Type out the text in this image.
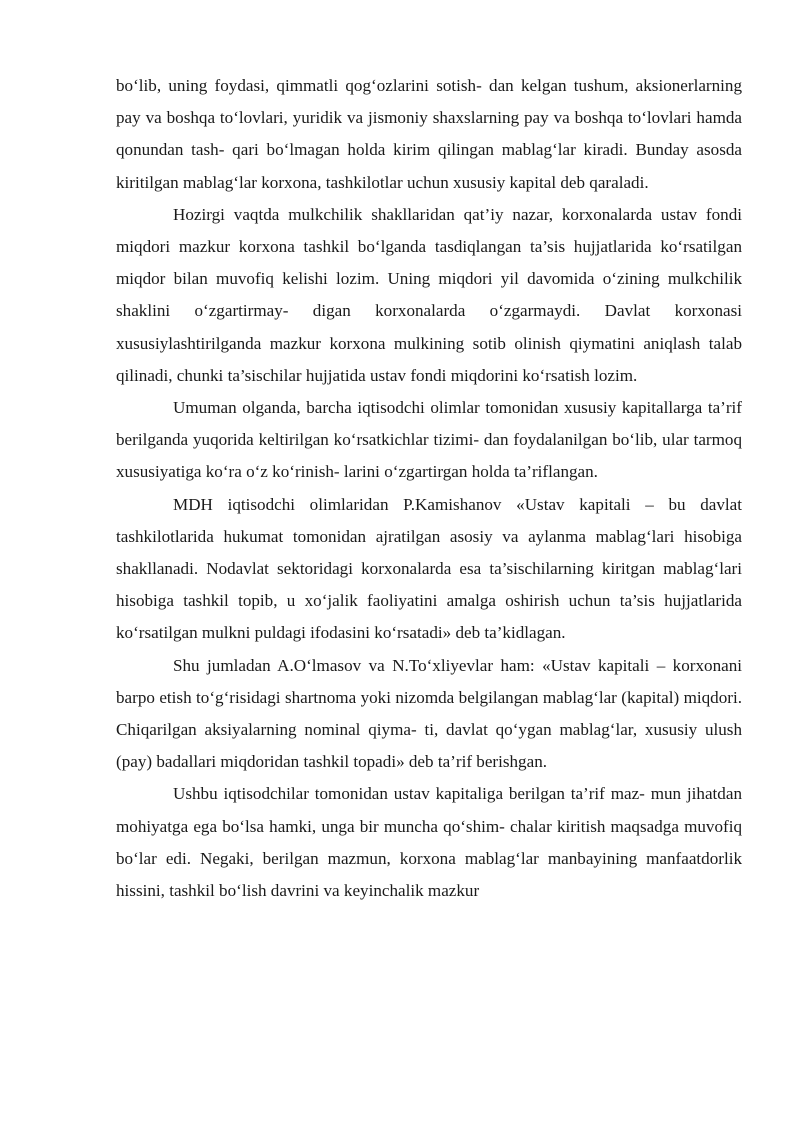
bo‘lib, uning foydasi, qimmatli qog‘ozlarini sotish- dan kelgan tushum, aksionerlarning pay va boshqa to‘lovlari, yuridik va jismoniy shaxslarning pay va boshqa to‘lovlari hamda qonundan tash- qari bo‘lmagan holda kirim qilingan mablag‘lar kiradi. Bunday asosda kiritilgan mablag‘lar korxona, tashkilotlar uchun xususiy kapital deb qaraladi.

Hozirgi vaqtda mulkchilik shakllaridan qat’iy nazar, korxonalarda ustav fondi miqdori mazkur korxona tashkil bo‘lganda tasdiqlangan ta’sis hujjatlarida ko‘rsatilgan miqdor bilan muvofiq kelishi lozim. Uning miqdori yil davomida o‘zining mulkchilik shaklini o‘zgartirmay- digan korxonalarda o‘zgarmaydi. Davlat korxonasi xususiylashtirilganda mazkur korxona mulkining sotib olinish qiymatini aniqlash talab qilinadi, chunki ta’sischilar hujjatida ustav fondi miqdorini ko‘rsatish lozim.

Umuman olganda, barcha iqtisodchi olimlar tomonidan xususiy kapitallarga ta’rif berilganda yuqorida keltirilgan ko‘rsatkichlar tizimi- dan foydalanilgan bo‘lib, ular tarmoq xususiyatiga ko‘ra o‘z ko‘rinish- larini o‘zgartirgan holda ta’riflangan.

MDH iqtisodchi olimlaridan P.Kamishanov «Ustav kapitali – bu davlat tashkilotlarida hukumat tomonidan ajratilgan asosiy va aylanma mablag‘lari hisobiga shakllanadi. Nodavlat sektoridagi korxonalarda esa ta’sischilarning kiritgan mablag‘lari hisobiga tashkil topib, u xo‘jalik faoliyatini amalga oshirish uchun ta’sis hujjatlarida ko‘rsatilgan mulkni puldagi ifodasini ko‘rsatadi» deb ta’kidlagan.

Shu jumladan A.O‘lmasov va N.To‘xliyevlar ham: «Ustav kapitali – korxonani barpo etish to‘g‘risidagi shartnoma yoki nizomda belgilangan mablag‘lar (kapital) miqdori. Chiqarilgan aksiyalarning nominal qiyma- ti, davlat qo‘ygan mablag‘lar, xususiy ulush (pay) badallari miqdoridan tashkil topadi» deb ta’rif berishgan.

Ushbu iqtisodchilar tomonidan ustav kapitaliga berilgan ta’rif maz- mun jihatdan mohiyatga ega bo‘lsa hamki, unga bir muncha qo‘shim- chalar kiritish maqsadga muvofiq bo‘lar edi. Negaki, berilgan mazmun, korxona mablag‘lar manbayining manfaatdorlik hissini, tashkil bo‘lish davrini va keyinchalik mazkur
